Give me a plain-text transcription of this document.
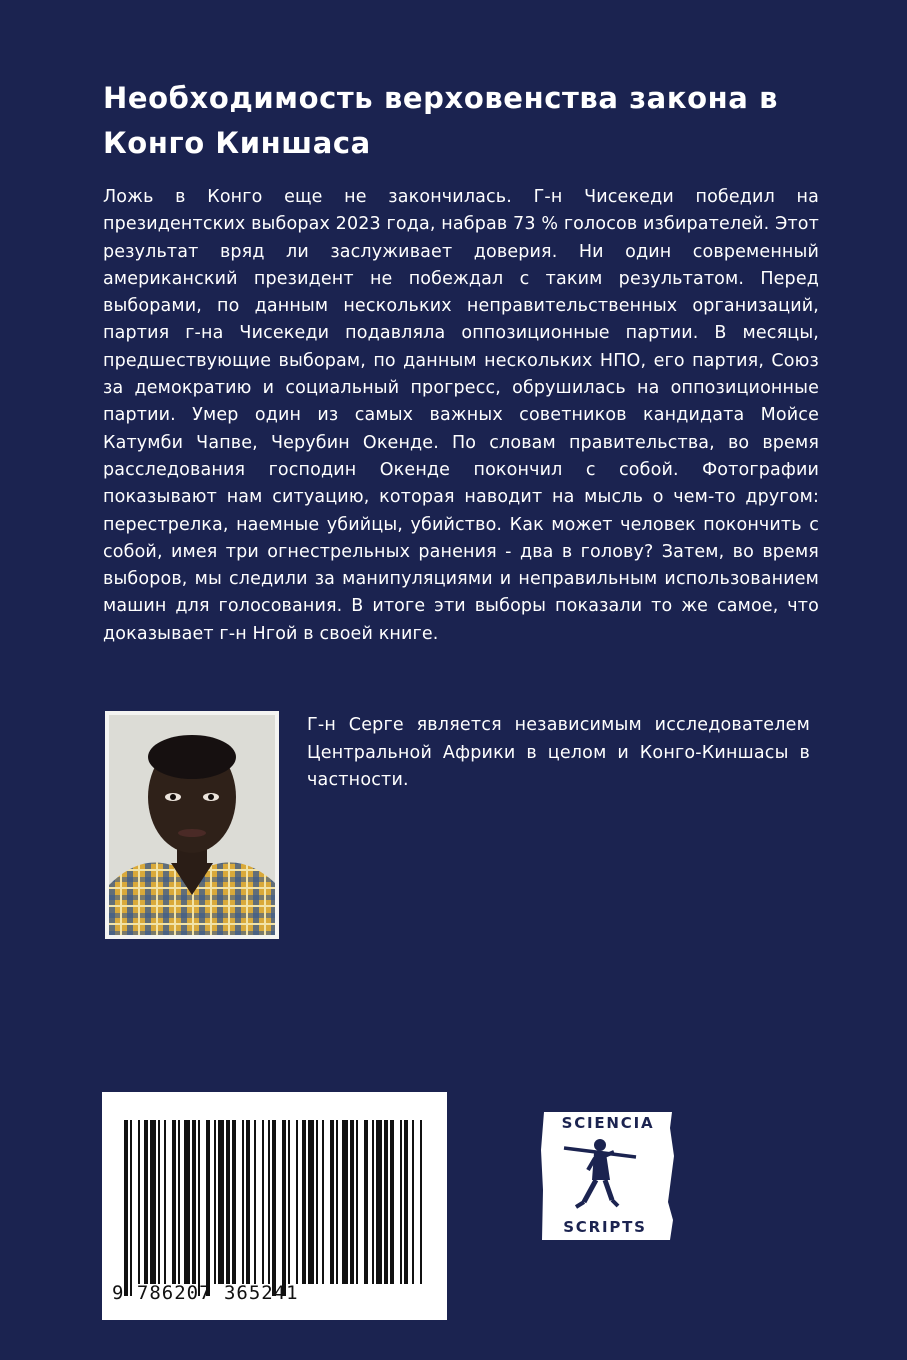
Необходимость верховенства закона в Конго Киншаса

Ложь в Конго еще не закончилась. Г-н Чисекеди победил на президентских выборах 2023 года, набрав 73 % голосов избирателей. Этот результат вряд ли заслуживает доверия. Ни один современный американский президент не побеждал с таким результатом. Перед выборами, по данным нескольких неправительственных организаций, партия г-на Чисекеди подавляла оппозиционные партии. В месяцы, предшествующие выборам, по данным нескольких НПО, его партия, Союз за демократию и социальный прогресс, обрушилась на оппозиционные партии. Умер один из самых важных советников кандидата Мойсе Катумби Чапве, Черубин Окенде. По словам правительства, во время расследования господин Окенде покончил с собой. Фотографии показывают нам ситуацию, которая наводит на мысль о чем-то другом: перестрелка, наемные убийцы, убийство. Как может человек покончить с собой, имея три огнестрельных ранения - два в голову? Затем, во время выборов, мы следили за манипуляциями и неправильным использованием машин для голосования. В итоге эти выборы показали то же самое, что доказывает г-н Нгой в своей книге.

Г-н Серге является независимым исследователем Центральной Африки в целом и Конго-Киншасы в частности.

9 786207 365241
SCIENCIA
SCRIPTS
